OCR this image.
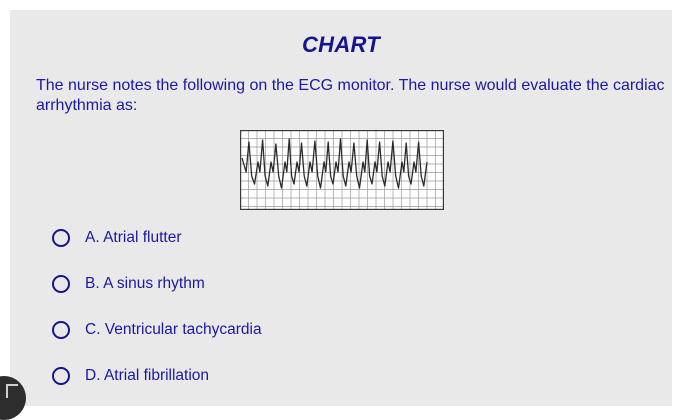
CHART
The nurse notes the following on the ECG monitor. The nurse would evaluate the cardiac arrhythmia as:
A. Atrial flutter
B. A sinus rhythm
C. Ventricular tachycardia
D. Atrial fibrillation
